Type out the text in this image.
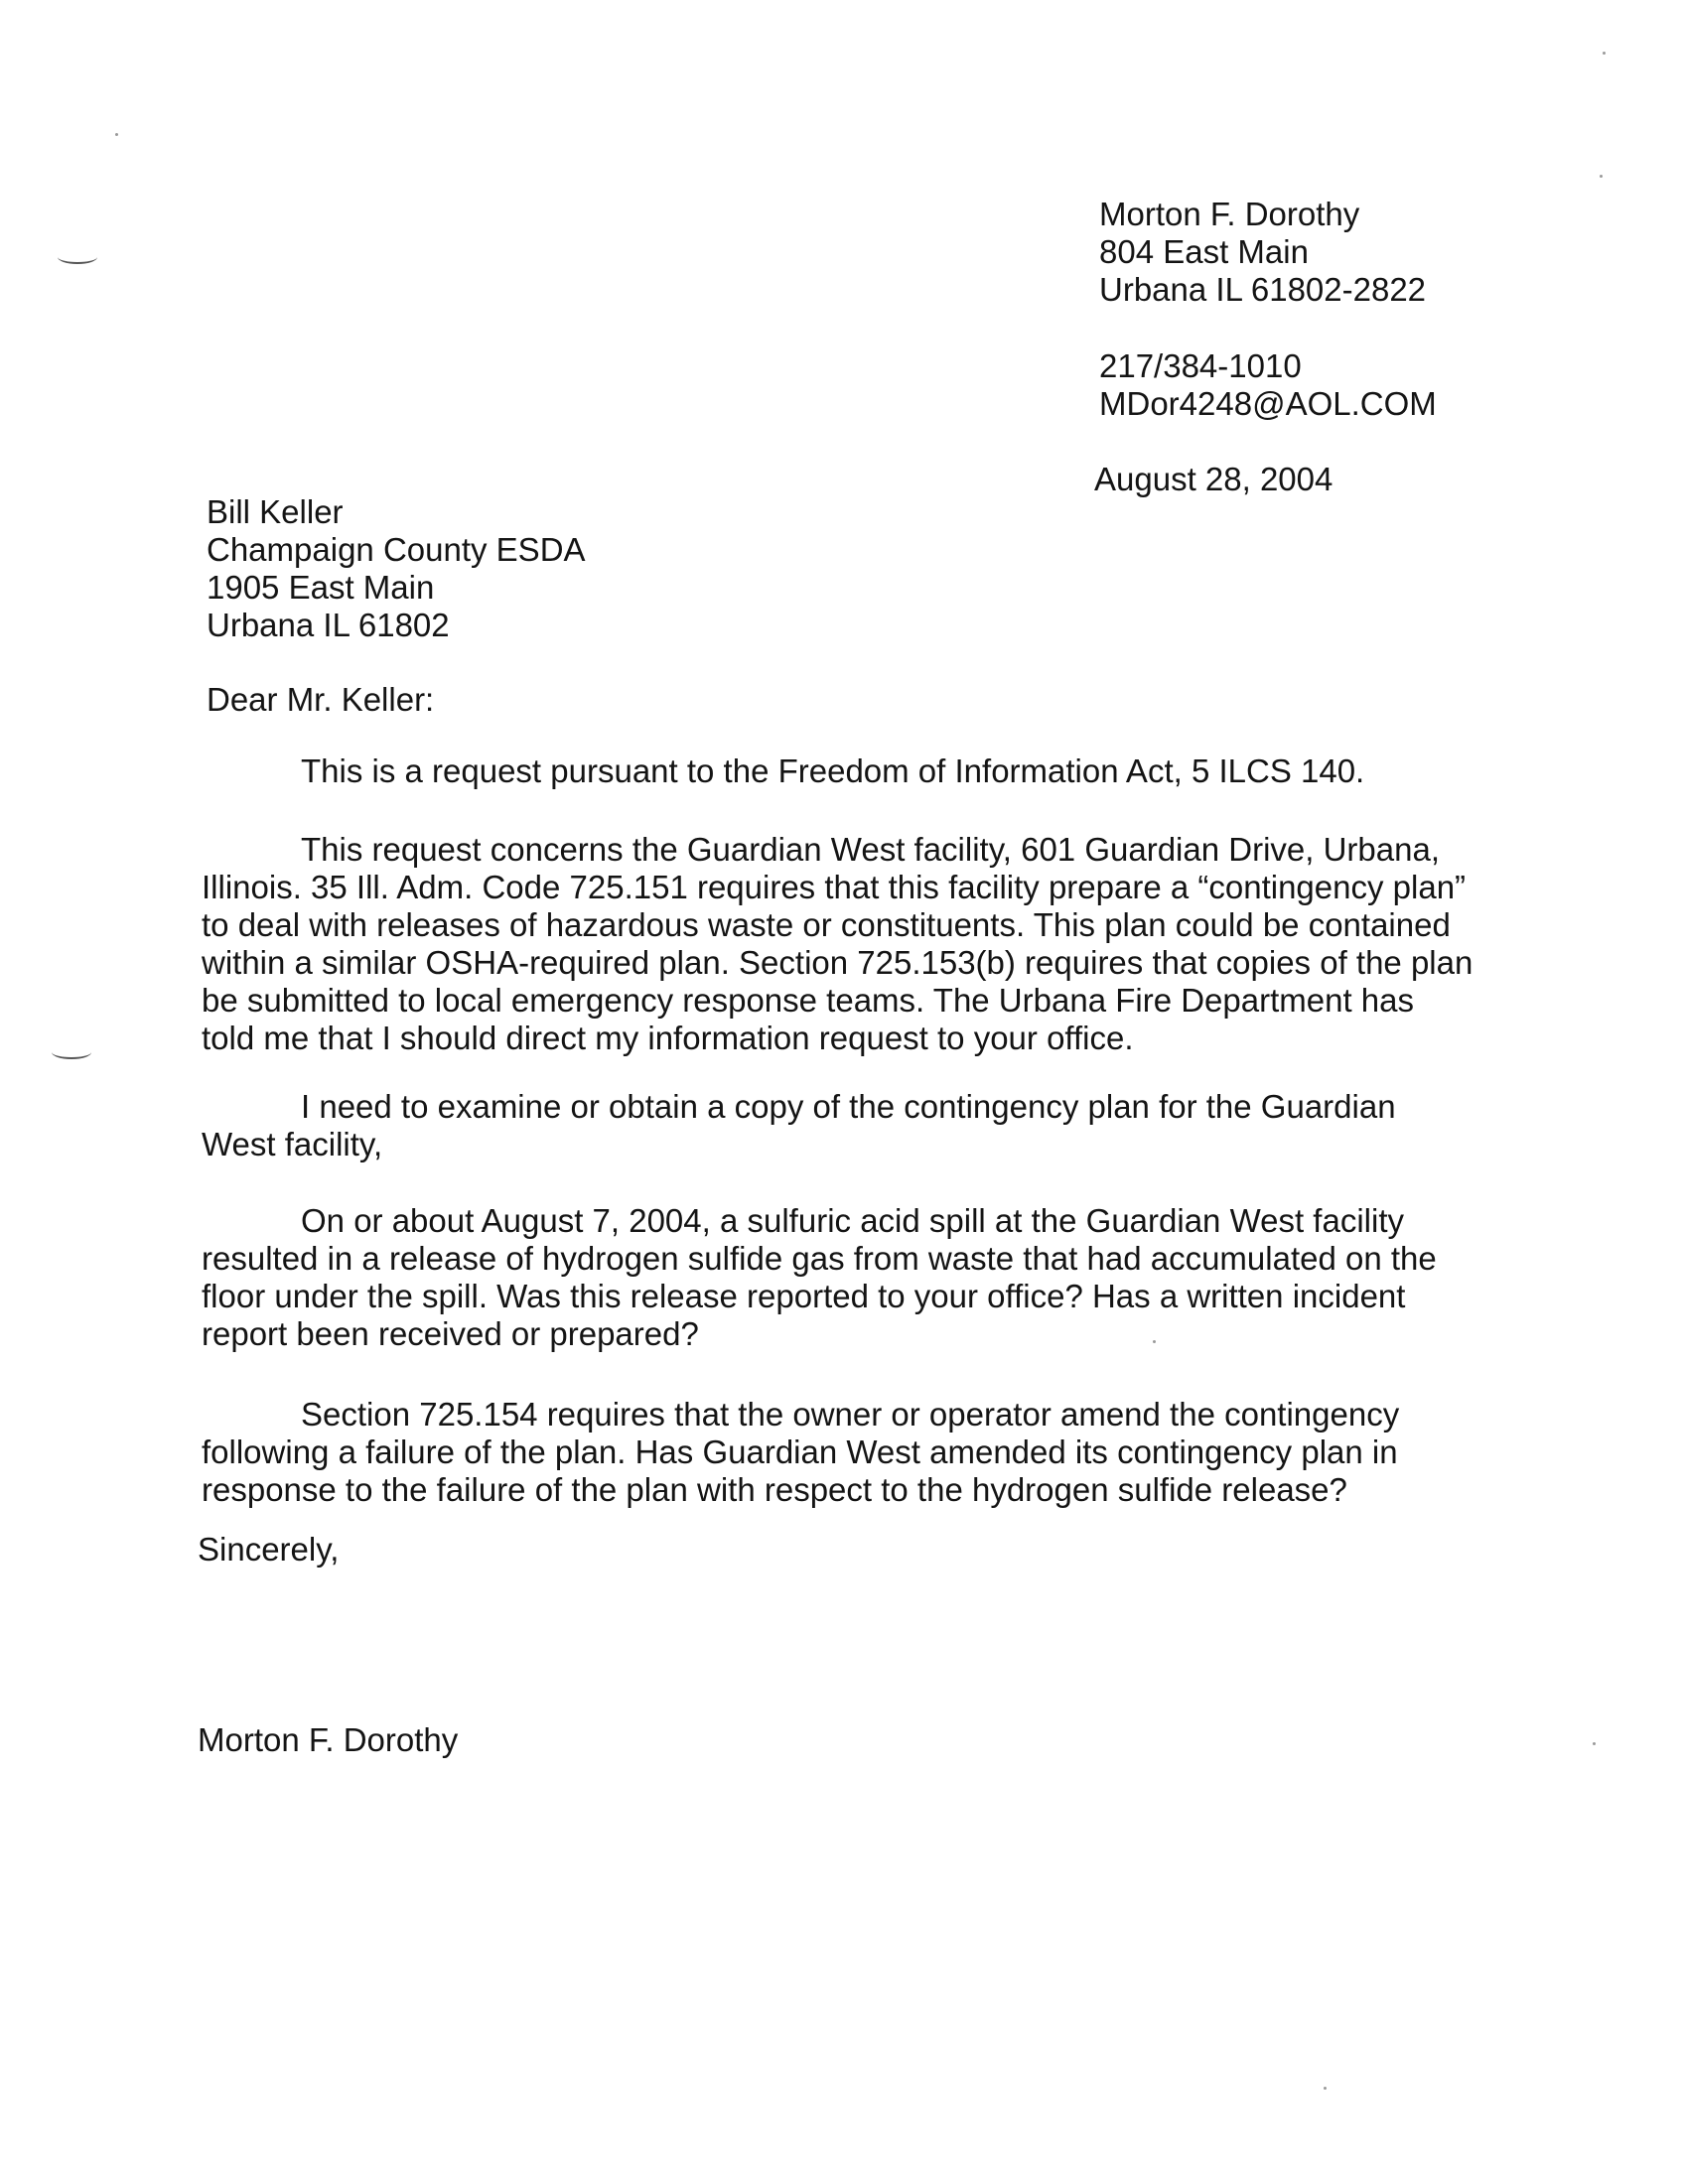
Morton F. Dorothy
804 East Main
Urbana IL 61802-2822
217/384-1010
MDor4248@AOL.COM
August 28, 2004
Bill Keller
Champaign County ESDA
1905 East Main
Urbana IL 61802
Dear Mr. Keller:
This is a request pursuant to the Freedom of Information Act, 5 ILCS 140.
This request concerns the Guardian West facility, 601 Guardian Drive, Urbana,
Illinois. 35 Ill. Adm. Code 725.151 requires that this facility prepare a “contingency plan”
to deal with releases of hazardous waste or constituents. This plan could be contained
within a similar OSHA-required plan. Section 725.153(b) requires that copies of the plan
be submitted to local emergency response teams. The Urbana Fire Department has
told me that I should direct my information request to your office.
I need to examine or obtain a copy of the contingency plan for the Guardian
West facility,
On or about August 7, 2004, a sulfuric acid spill at the Guardian West facility
resulted in a release of hydrogen sulfide gas from waste that had accumulated on the
floor under the spill. Was this release reported to your office? Has a written incident
report been received or prepared?
Section 725.154 requires that the owner or operator amend the contingency
following a failure of the plan. Has Guardian West amended its contingency plan in
response to the failure of the plan with respect to the hydrogen sulfide release?
Sincerely,
Morton F. Dorothy
